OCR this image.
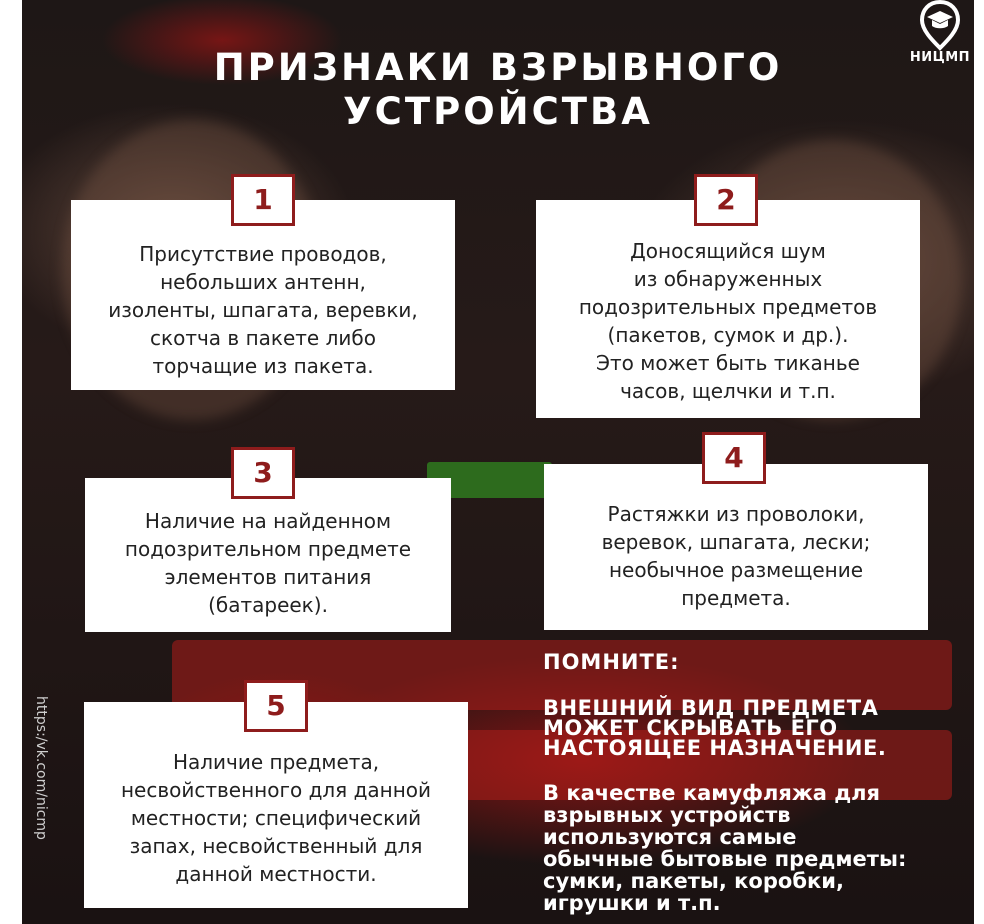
ПРИЗНАКИ ВЗРЫВНОГО
УСТРОЙСТВА
НИЦМП
https:/vk.com/nicmp
Присутствие проводов,
небольших антенн,
изоленты, шпагата, веревки,
скотча в пакете либо
торчащие из пакета.
1
Доносящийся шум
из обнаруженных
подозрительных предметов
(пакетов, сумок и др.).
Это может быть тиканье
часов, щелчки и т.п.
2
Наличие на найденном
подозрительном предмете
элементов питания
(батареек).
3
Растяжки из проволоки,
веревок, шпагата, лески;
необычное размещение
предмета.
4
Наличие предмета,
несвойственного для данной
местности; специфический
запах, несвойственный для
данной местности.
5
ПОМНИТЕ:
ВНЕШНИЙ ВИД ПРЕДМЕТА
МОЖЕТ СКРЫВАТЬ ЕГО
НАСТОЯЩЕЕ НАЗНАЧЕНИЕ.
В качестве камуфляжа для
взрывных устройств
используются самые
обычные бытовые предметы:
сумки, пакеты, коробки,
игрушки и т.п.
